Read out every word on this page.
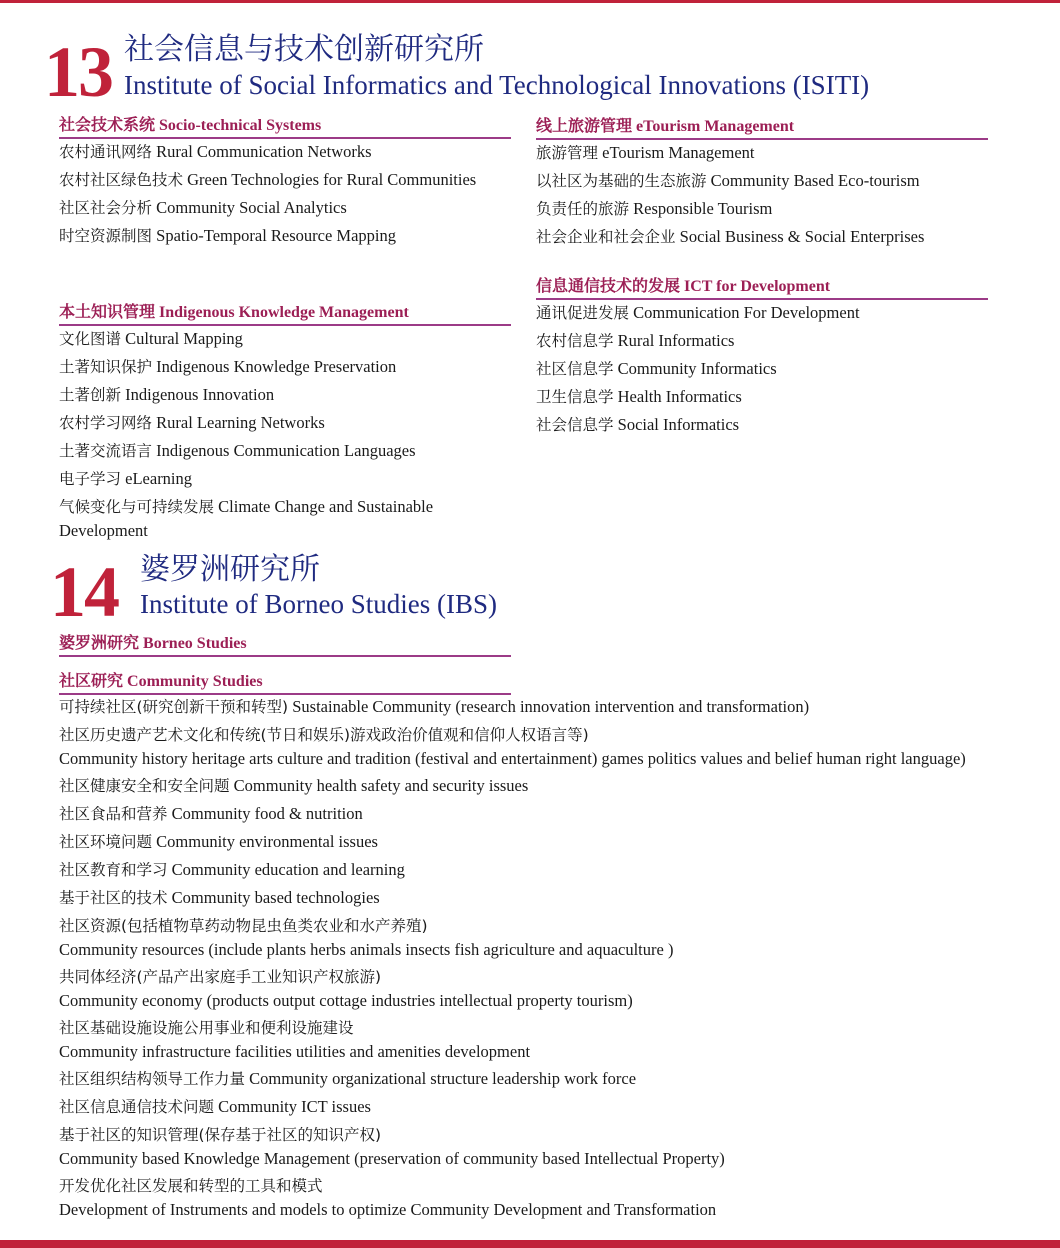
13 社会信息与技术创新研究所
Institute of Social Informatics and Technological Innovations (ISITI)
社会技术系统 Socio-technical Systems
农村通讯网络 Rural Communication Networks
农村社区绿色技术 Green Technologies for Rural Communities
社区社会分析 Community Social Analytics
时空资源制图 Spatio-Temporal Resource Mapping
本土知识管理 Indigenous Knowledge Management
文化图谱 Cultural Mapping
土著知识保护 Indigenous Knowledge Preservation
土著创新 Indigenous Innovation
农村学习网络 Rural Learning Networks
土著交流语言 Indigenous Communication Languages
电子学习 eLearning
气候变化与可持续发展 Climate Change and Sustainable Development
线上旅游管理 eTourism Management
旅游管理 eTourism Management
以社区为基础的生态旅游 Community Based Eco-tourism
负责任的旅游 Responsible Tourism
社会企业和社会企业 Social Business & Social Enterprises
信息通信技术的发展 ICT for Development
通讯促进发展 Communication For Development
农村信息学 Rural Informatics
社区信息学 Community Informatics
卫生信息学 Health Informatics
社会信息学 Social Informatics
14 婆罗洲研究所
Institute of Borneo Studies (IBS)
婆罗洲研究 Borneo Studies
社区研究 Community Studies
可持续社区(研究创新干预和转型) Sustainable Community (research innovation intervention and transformation)
社区历史遗产艺术文化和传统(节日和娱乐)游戏政治价值观和信仰人权语言等)
Community history heritage arts culture and tradition (festival and entertainment) games politics values and belief human right language)
社区健康安全和安全问题 Community health safety and security issues
社区食品和营养 Community food & nutrition
社区环境问题 Community environmental issues
社区教育和学习 Community education and learning
基于社区的技术 Community based technologies
社区资源(包括植物草药动物昆虫鱼类农业和水产养殖)
Community resources (include plants herbs animals insects fish agriculture and aquaculture )
共同体经济(产品产出家庭手工业知识产权旅游)
Community economy (products output cottage industries intellectual property tourism)
社区基础设施设施公用事业和便利设施建设
Community infrastructure facilities utilities and amenities development
社区组织结构领导工作力量 Community organizational structure leadership work force
社区信息通信技术问题 Community ICT issues
基于社区的知识管理(保存基于社区的知识产权)
Community based Knowledge Management (preservation of community based Intellectual Property)
开发优化社区发展和转型的工具和模式
Development of Instruments and models to optimize Community Development and Transformation
